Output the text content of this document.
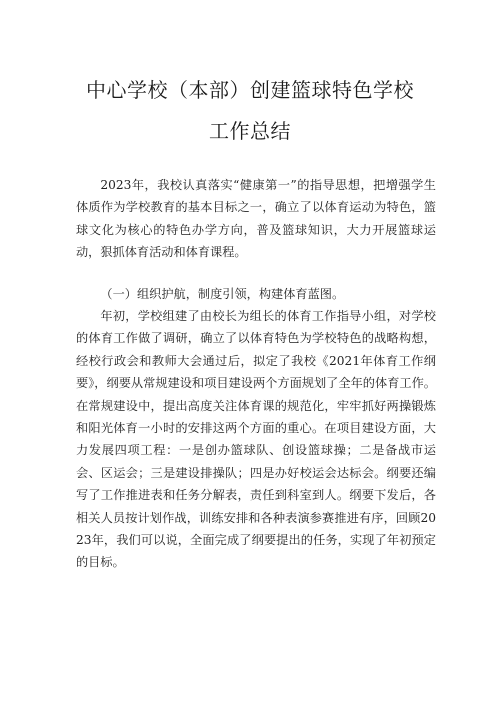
中心学校（本部）创建篮球特色学校
工作总结

2023年，我校认真落实“健康第一”的指导思想，把增强学生体质作为学校教育的基本目标之一，确立了以体育运动为特色，篮球文化为核心的特色办学方向，普及篮球知识，大力开展篮球运动，狠抓体育活动和体育课程。

（一）组织护航，制度引领，构建体育蓝图。

年初，学校组建了由校长为组长的体育工作指导小组，对学校的体育工作做了调研，确立了以体育特色为学校特色的战略构想，经校行政会和教师大会通过后，拟定了我校《2021年体育工作纲要》，纲要从常规建设和项目建设两个方面规划了全年的体育工作。在常规建设中，提出高度关注体育课的规范化，牢牢抓好两操锻炼和阳光体育一小时的安排这两个方面的重心。在项目建设方面，大力发展四项工程：一是创办篮球队、创设篮球操；二是备战市运会、区运会；三是建设排操队；四是办好校运会达标会。纲要还编写了工作推进表和任务分解表，责任到科室到人。纲要下发后，各相关人员按计划作战，训练安排和各种表演参赛推进有序，回顾2023年，我们可以说，全面完成了纲要提出的任务，实现了年初预定的目标。
